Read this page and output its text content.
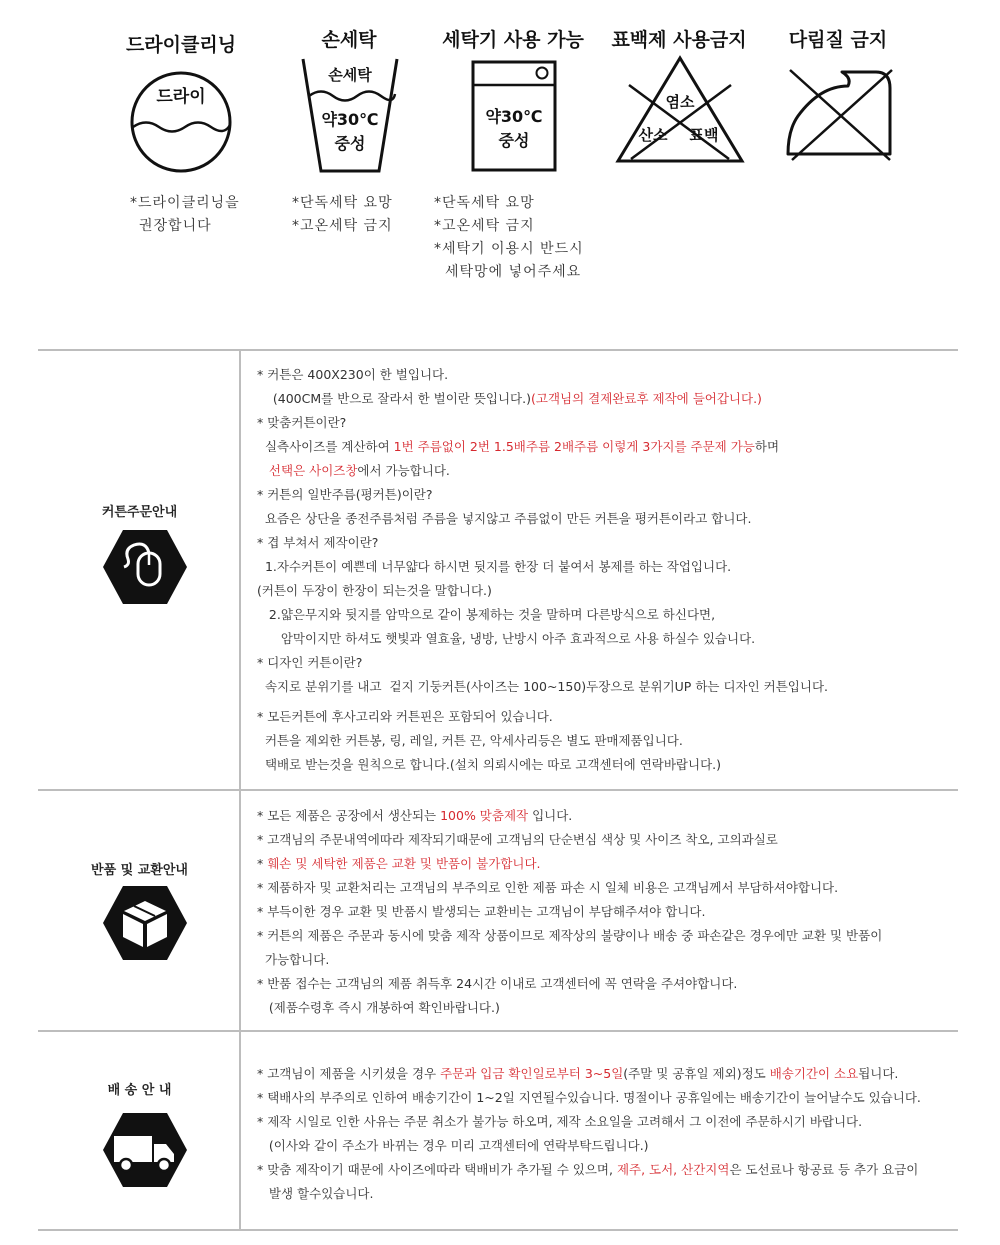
드라이클리닝
드라이
*드라이클리닝을
권장합니다
손세탁
손세탁
약30℃
중성
*단독세탁 요망
*고온세탁 금지
세탁기 사용 가능
약30℃
중성
*단독세탁 요망
*고온세탁 금지
*세탁기 이용시 반드시
세탁망에 넣어주세요
표백제 사용금지
염소
산소 표백
다림질 금지
커튼주문안내
* 커튼은 400X230이 한 벌입니다.
(400CM를 반으로 잘라서 한 벌이란 뜻입니다.)(고객님의 결제완료후 제작에 들어갑니다.)
* 맞춤커튼이란?
실측사이즈를 계산하여 1번 주름없이 2번 1.5배주름 2배주름 이렇게 3가지를 주문제 가능하며
선택은 사이즈창에서 가능합니다.
* 커튼의 일반주름(평커튼)이란?
요즘은 상단을 종전주름처럼 주름을 넣지않고 주름없이 만든 커튼을 평커튼이라고 합니다.
* 겹 부쳐서 제작이란?
1.자수커튼이 예쁜데 너무얇다 하시면 뒷지를 한장 더 붙여서 봉제를 하는 작업입니다.
(커튼이 두장이 한장이 되는것을 말합니다.)
2.얇은무지와 뒷지를 암막으로 같이 봉제하는 것을 말하며 다른방식으로 하신다면,
암막이지만 하셔도 햇빛과 열효율, 냉방, 난방시 아주 효과적으로 사용 하실수 있습니다.
* 디자인 커튼이란?
속지로 분위기를 내고  겉지 기둥커튼(사이즈는 100~150)두장으로 분위기UP 하는 디자인 커튼입니다.
* 모든커튼에 후사고리와 커튼핀은 포함되어 있습니다.
커튼을 제외한 커튼봉, 링, 레일, 커튼 끈, 악세사리등은 별도 판매제품입니다.
택배로 받는것을 원칙으로 합니다.(설치 의뢰시에는 따로 고객센터에 연락바랍니다.)
반품 및 교환안내
* 모든 제품은 공장에서 생산되는 100% 맞춤제작 입니다.
* 고객님의 주문내역에따라 제작되기때문에 고객님의 단순변심 색상 및 사이즈 착오, 고의과실로
* 훼손 및 세탁한 제품은 교환 및 반품이 불가합니다.
* 제품하자 및 교환처리는 고객님의 부주의로 인한 제품 파손 시 일체 비용은 고객님께서 부담하셔야합니다.
* 부득이한 경우 교환 및 반품시 발생되는 교환비는 고객님이 부담해주셔야 합니다.
* 커튼의 제품은 주문과 동시에 맞춤 제작 상품이므로 제작상의 불량이나 배송 중 파손같은 경우에만 교환 및 반품이
가능합니다.
* 반품 접수는 고객님의 제품 취득후 24시간 이내로 고객센터에 꼭 연락을 주셔야합니다.
(제품수령후 즉시 개봉하여 확인바랍니다.)
배 송 안 내
* 고객님이 제품을 시키셨을 경우 주문과 입금 확인일로부터 3~5일(주말 및 공휴일 제외)정도 배송기간이 소요됩니다.
* 택배사의 부주의로 인하여 배송기간이 1~2일 지연될수있습니다. 명절이나 공휴일에는 배송기간이 늘어날수도 있습니다.
* 제작 시일로 인한 사유는 주문 취소가 불가능 하오며, 제작 소요일을 고려해서 그 이전에 주문하시기 바랍니다.
(이사와 같이 주소가 바뀌는 경우 미리 고객센터에 연락부탁드립니다.)
* 맞춤 제작이기 때문에 사이즈에따라 택배비가 추가될 수 있으며, 제주, 도서, 산간지역은 도선료나 항공료 등 추가 요금이
발생 할수있습니다.
